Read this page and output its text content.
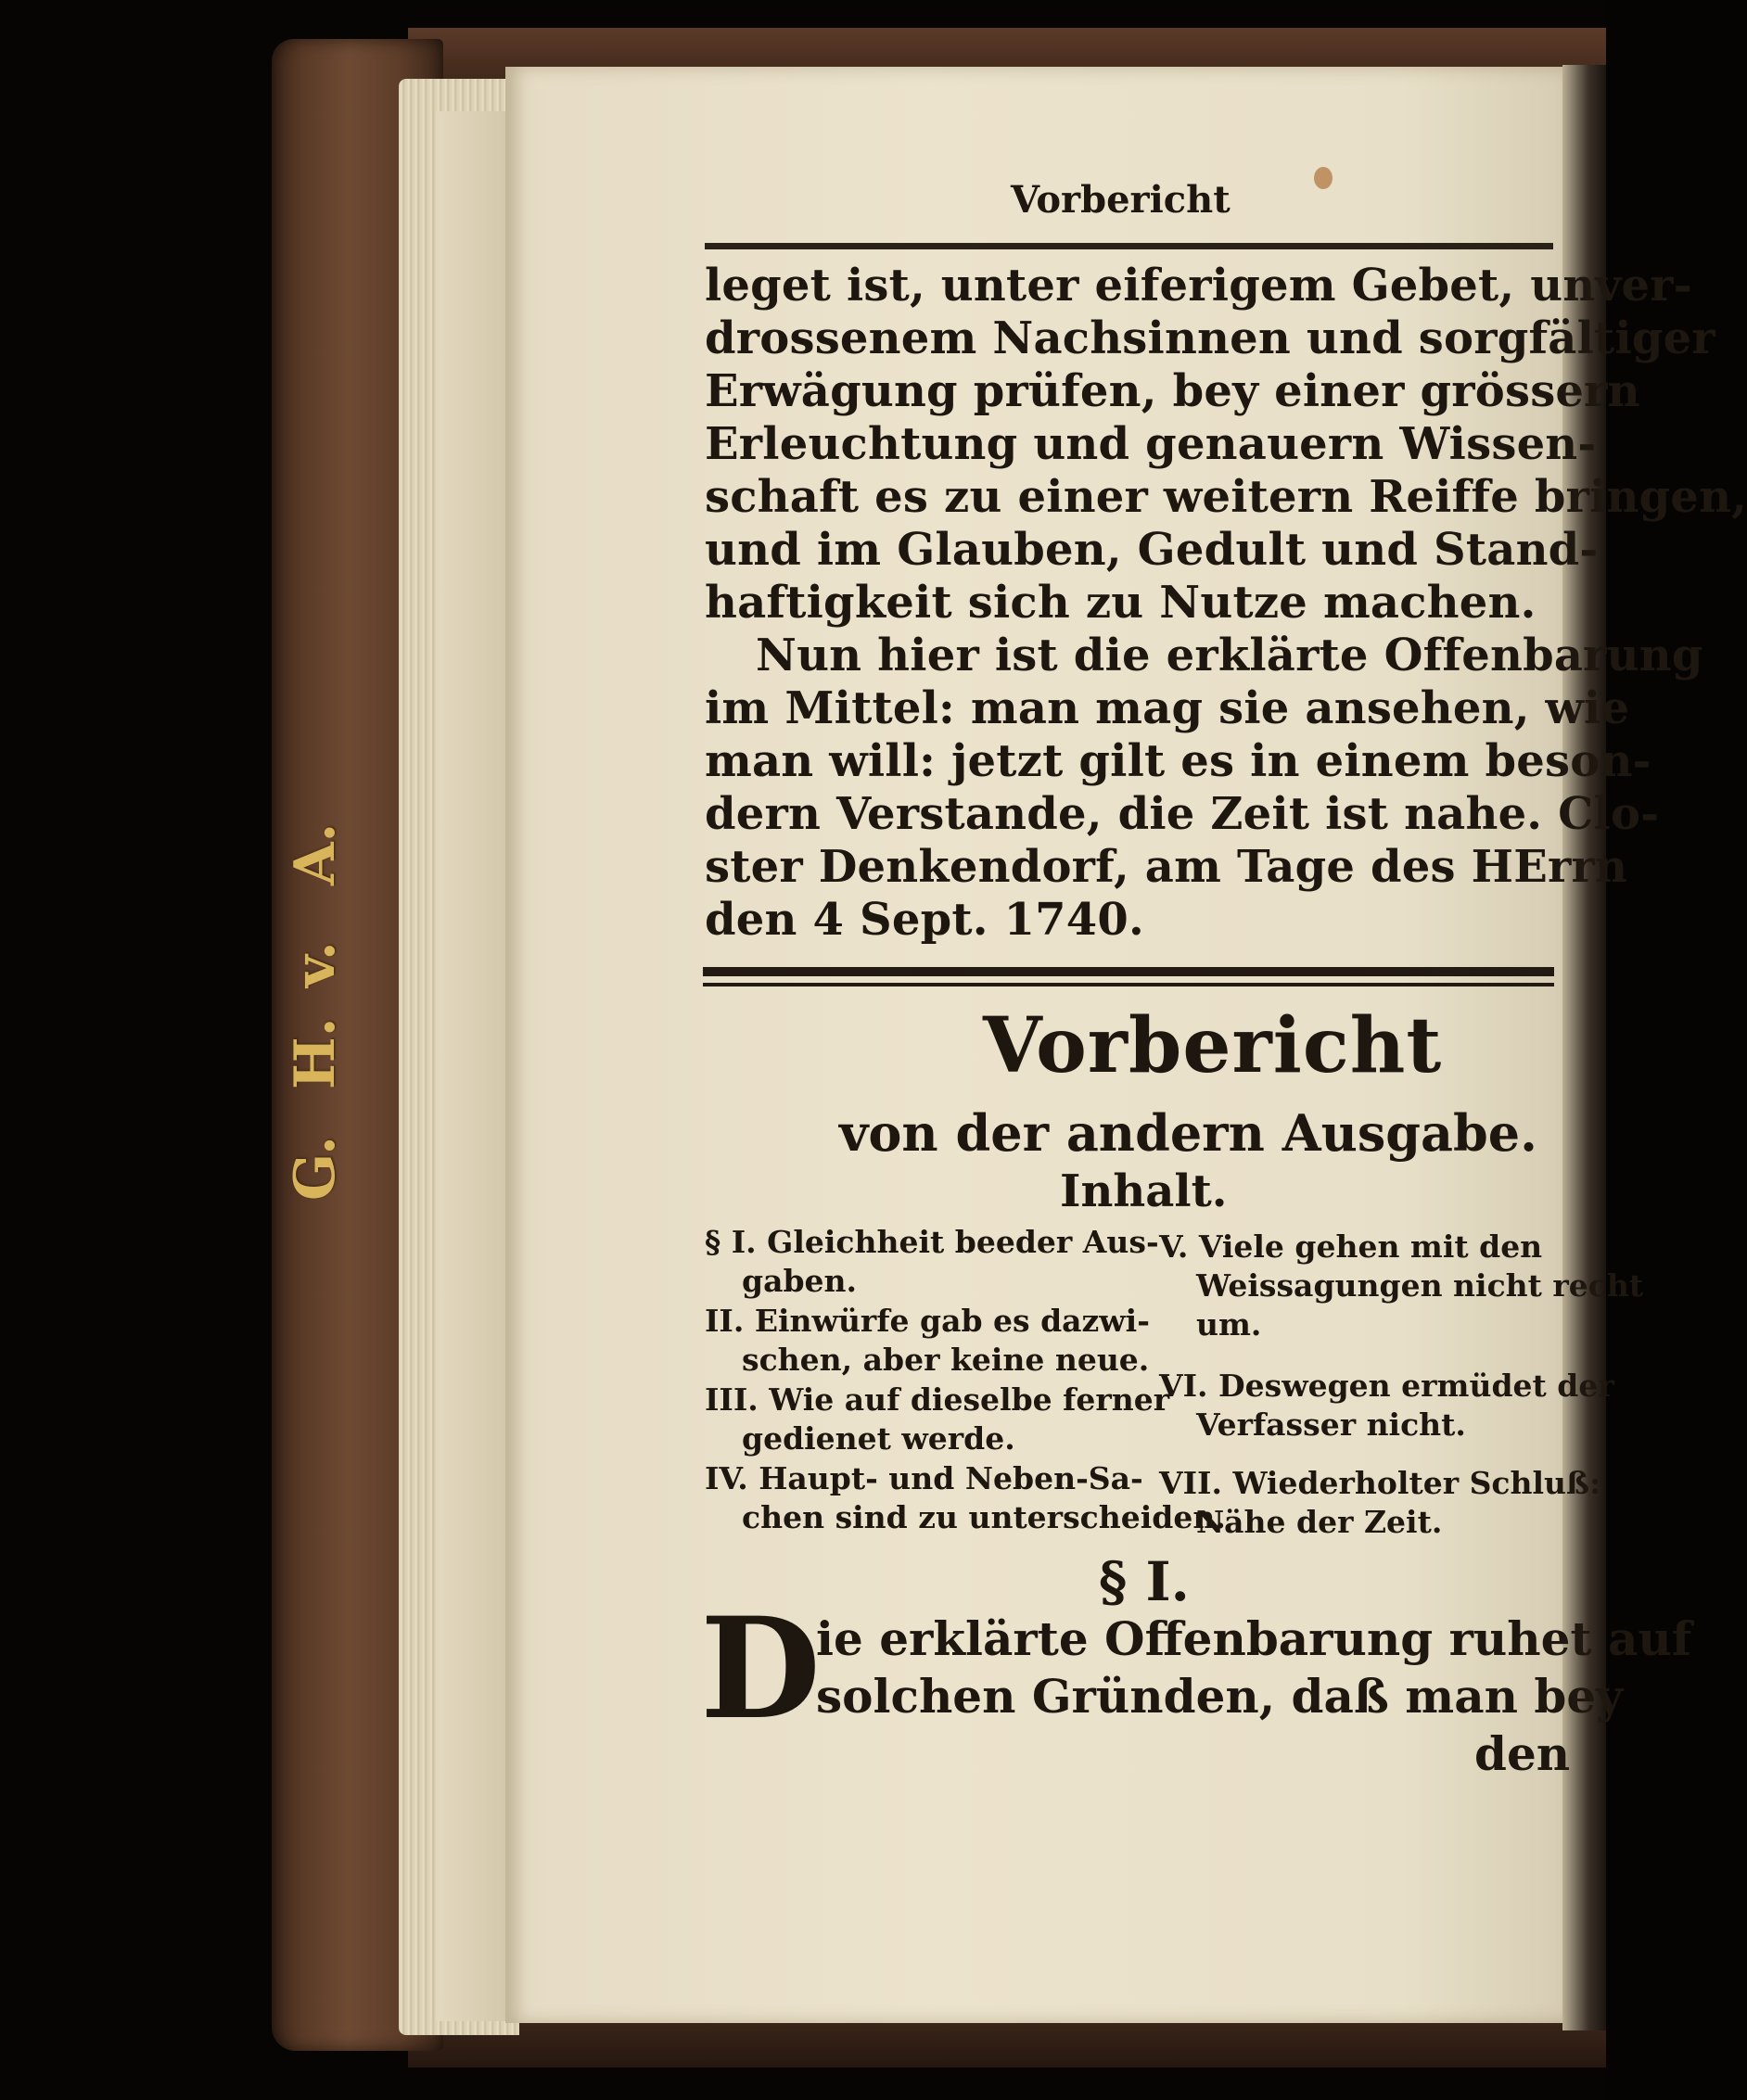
G.
H.
v.
A.
Vorbericht
leget ist, unter eiferigem Gebet, unver-
drossenem Nachsinnen und sorgfältiger
Erwägung prüfen, bey einer grössern
Erleuchtung und genauern Wissen-
schaft es zu einer weitern Reiffe bringen,
und im Glauben, Gedult und Stand-
haftigkeit sich zu Nutze machen.
Nun hier ist die erklärte Offenbarung
im Mittel: man mag sie ansehen, wie
man will: jetzt gilt es in einem beson-
dern Verstande, die Zeit ist nahe. Clo-
ster Denkendorf, am Tage des HErrn
den 4 Sept. 1740.
Vorbericht
von der andern Ausgabe.
Inhalt.
§ I. Gleichheit beeder Aus-
gaben.
II. Einwürfe gab es dazwi-
schen, aber keine neue.
III. Wie auf dieselbe ferner
gedienet werde.
IV. Haupt- und Neben-Sa-
chen sind zu unterscheiden.
V. Viele gehen mit den
Weissagungen nicht recht
um.
VI. Deswegen ermüdet der
Verfasser nicht.
VII. Wiederholter Schluß:
Nähe der Zeit.
§ I.
D
ie erklärte Offenbarung ruhet auf
solchen Gründen, daß man bey
den
